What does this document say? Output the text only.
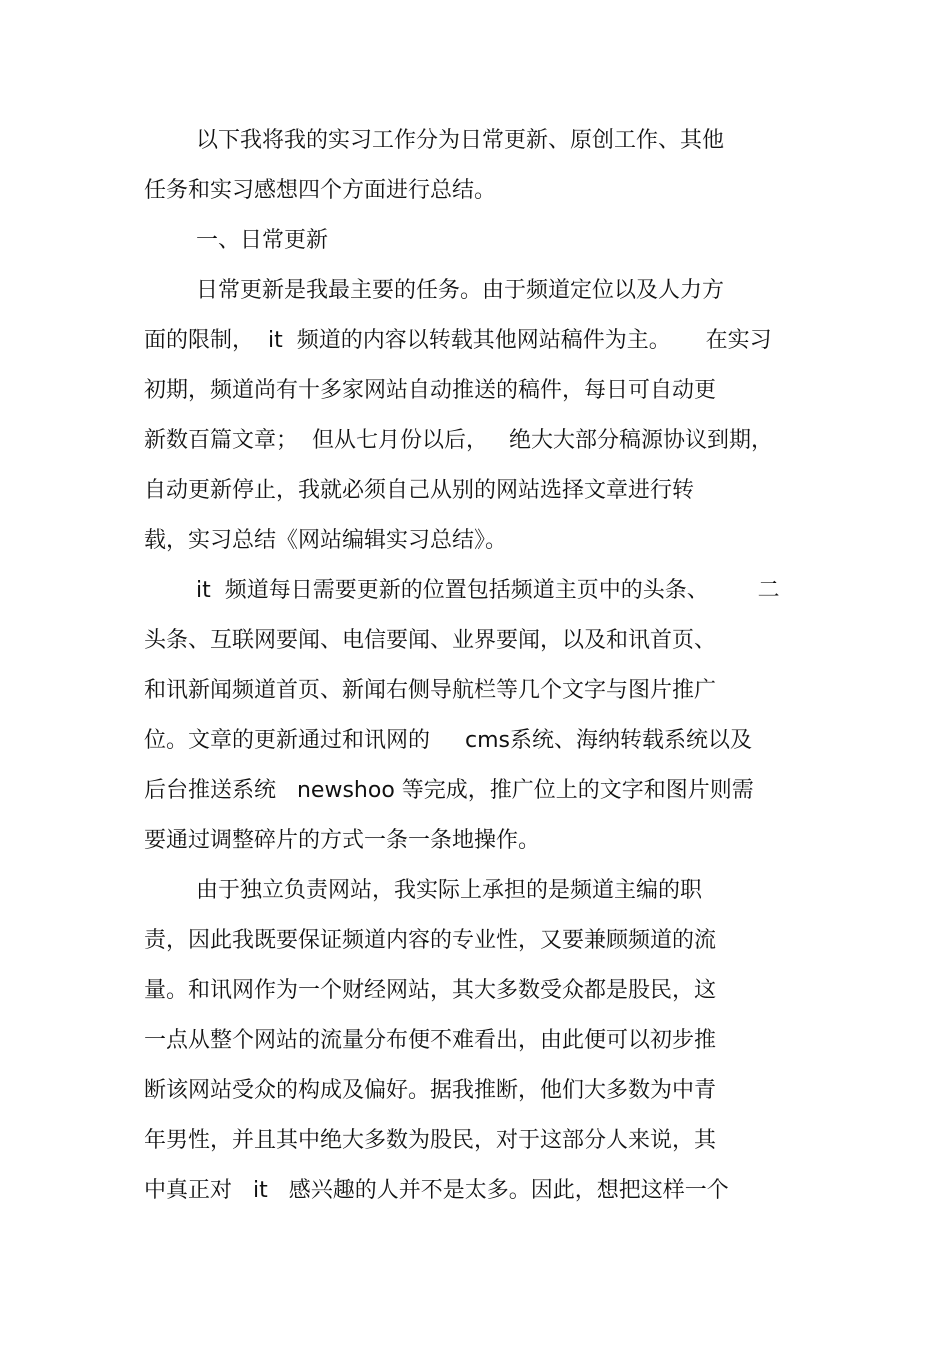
以下我将我的实习工作分为日常更新、原创工作、其他
任务和实习感想四个方面进行总结。
一、日常更新
日常更新是我最主要的任务。由于频道定位以及人力方
面的限制，  it  频道的内容以转载其他网站稿件为主。     在实习
初期，频道尚有十多家网站自动推送的稿件，每日可自动更
新数百篇文章；  但从七月份以后，   绝大大部分稿源协议到期，
自动更新停止，我就必须自己从别的网站选择文章进行转
载，实习总结《网站编辑实习总结》。
it  频道每日需要更新的位置包括频道主页中的头条、       二
头条、互联网要闻、电信要闻、业界要闻，以及和讯首页、
和讯新闻频道首页、新闻右侧导航栏等几个文字与图片推广
位。文章的更新通过和讯网的     cms系统、海纳转载系统以及
后台推送系统   newshoo 等完成，推广位上的文字和图片则需
要通过调整碎片的方式一条一条地操作。
由于独立负责网站，我实际上承担的是频道主编的职
责，因此我既要保证频道内容的专业性，又要兼顾频道的流
量。和讯网作为一个财经网站，其大多数受众都是股民，这
一点从整个网站的流量分布便不难看出，由此便可以初步推
断该网站受众的构成及偏好。据我推断，他们大多数为中青
年男性，并且其中绝大多数为股民，对于这部分人来说，其
中真正对   it   感兴趣的人并不是太多。因此，想把这样一个
